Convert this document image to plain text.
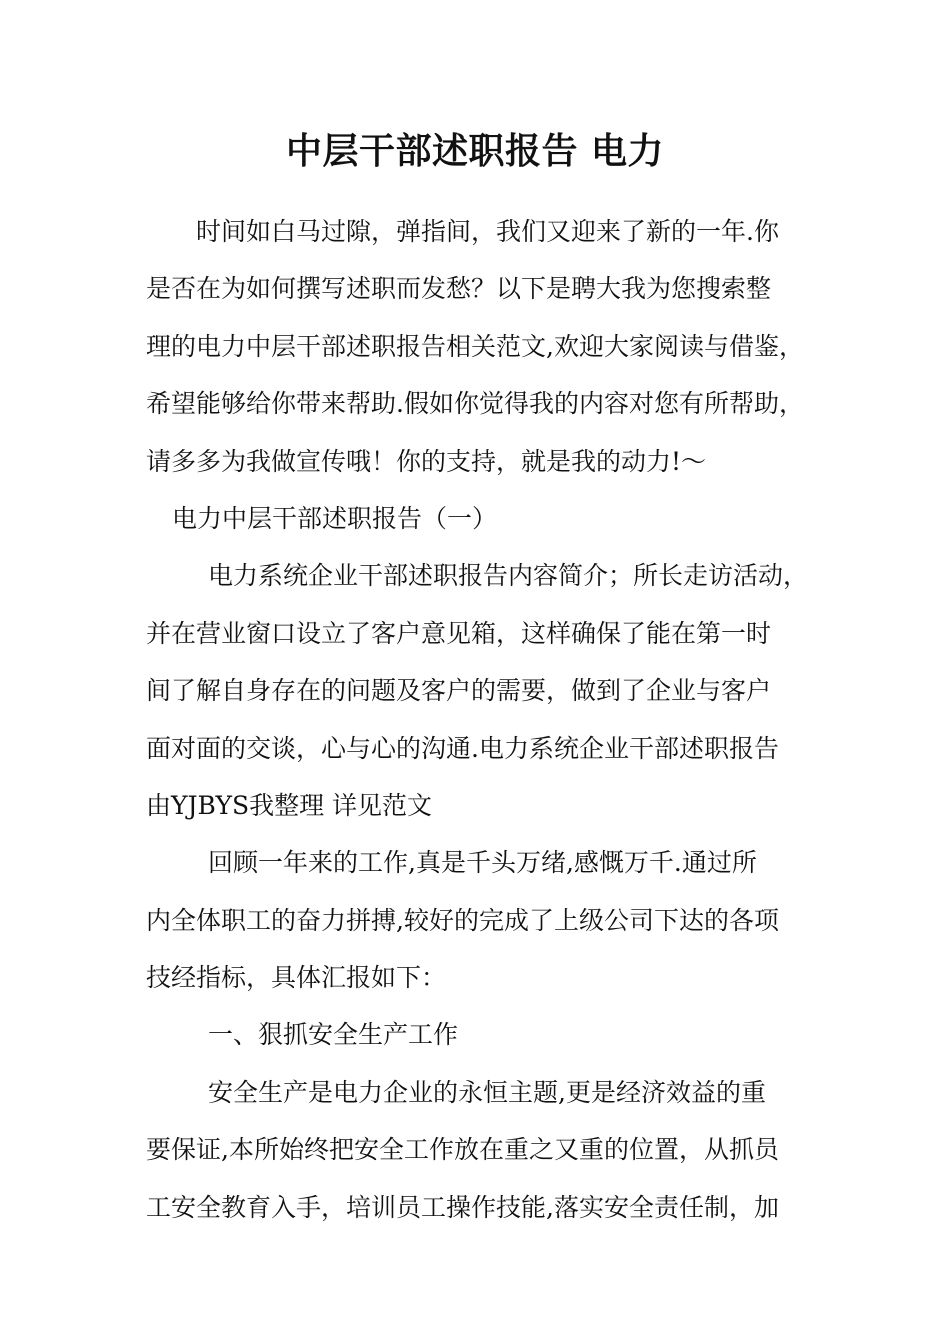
中层干部述职报告 电力
时间如白马过隙，弹指间，我们又迎来了新的一年.你
是否在为如何撰写述职而发愁？以下是聘大我为您搜索整
理的电力中层干部述职报告相关范文,欢迎大家阅读与借鉴，
希望能够给你带来帮助.假如你觉得我的内容对您有所帮助，
请多多为我做宣传哦！你的支持，就是我的动力!～
电力中层干部述职报告（一）
电力系统企业干部述职报告内容简介；所长走访活动，
并在营业窗口设立了客户意见箱，这样确保了能在第一时
间了解自身存在的问题及客户的需要，做到了企业与客户
面对面的交谈，心与心的沟通.电力系统企业干部述职报告
由YJBYS我整理 详见范文
回顾一年来的工作,真是千头万绪,感慨万千.通过所
内全体职工的奋力拼搏,较好的完成了上级公司下达的各项
技经指标，具体汇报如下：
一、狠抓安全生产工作
安全生产是电力企业的永恒主题,更是经济效益的重
要保证,本所始终把安全工作放在重之又重的位置，从抓员
工安全教育入手，培训员工操作技能,落实安全责任制，加
